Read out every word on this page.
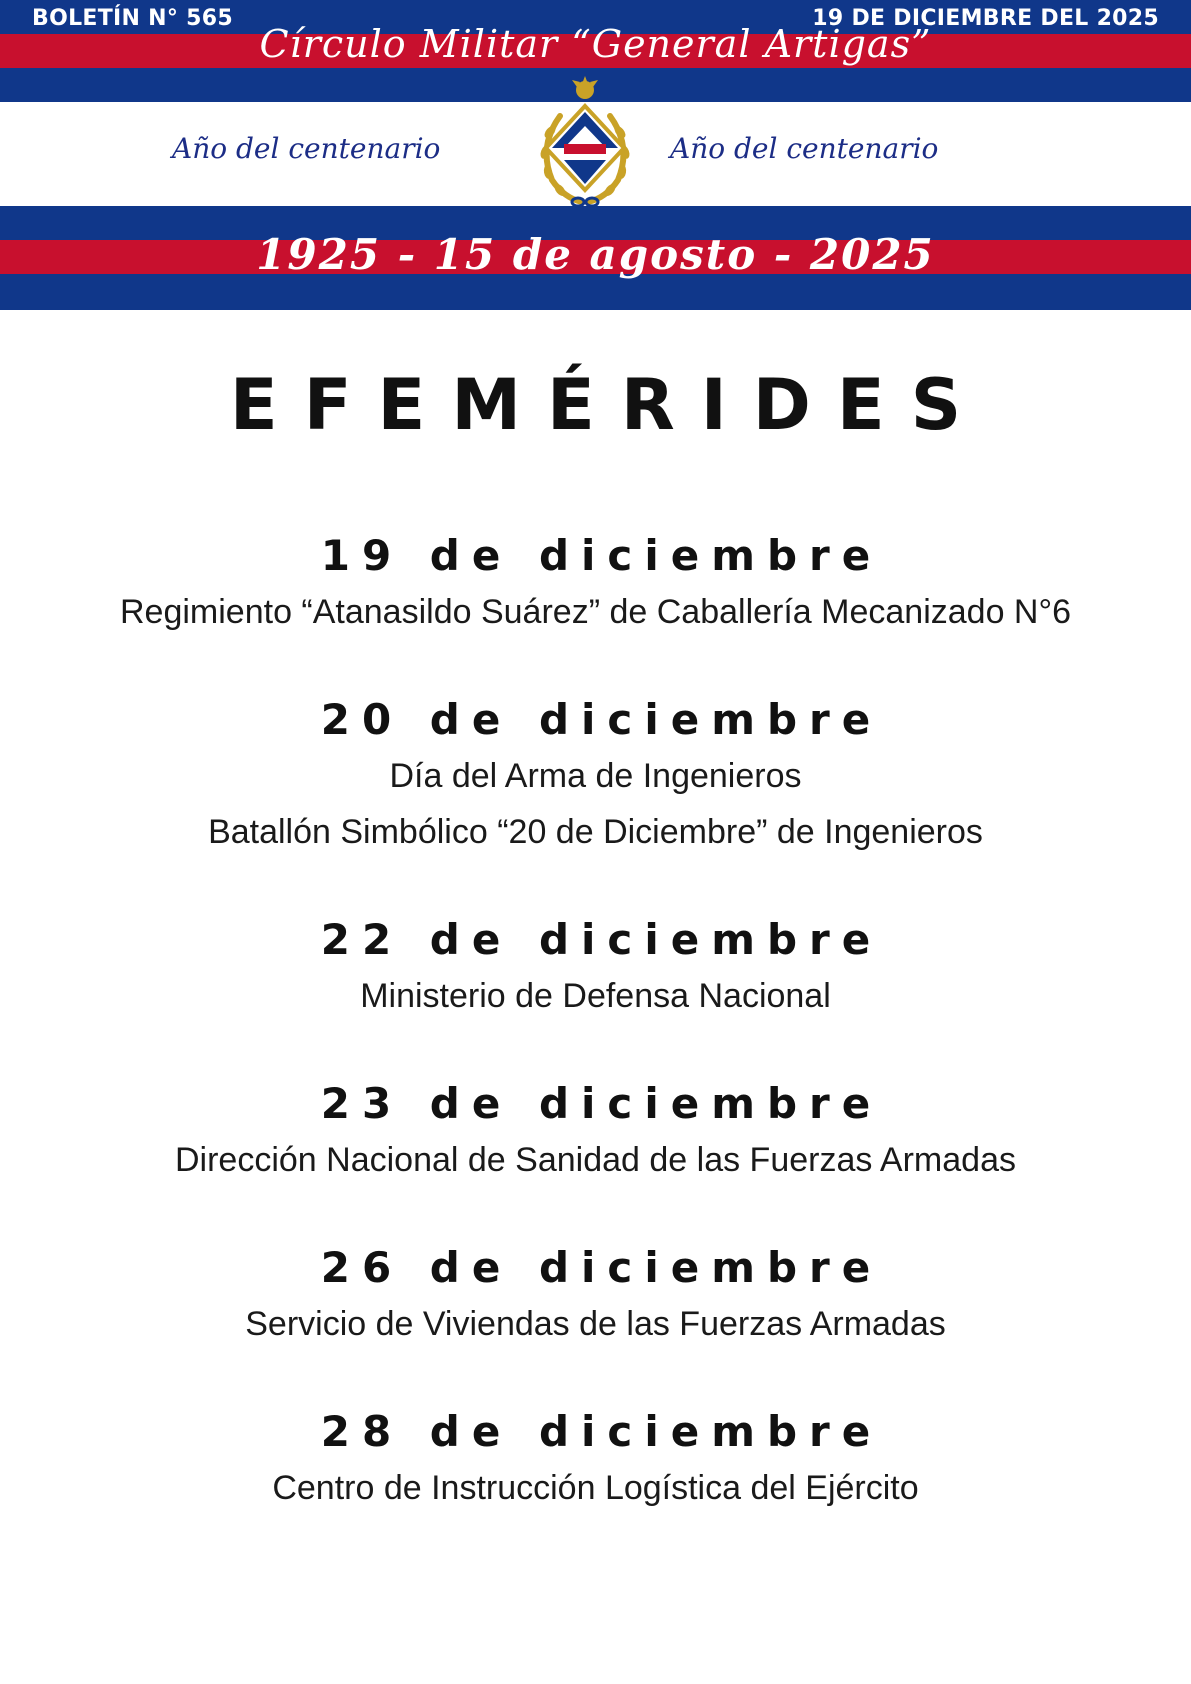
BOLETÍN N° 565	19 DE DICIEMBRE DEL 2025
Círculo Militar “General Artigas”
Año del centenario	Año del centenario
1925 - 15 de agosto - 2025
EFEMÉRIDES
19 de diciembre
Regimiento “Atanasildo Suárez” de Caballería Mecanizado N°6
20 de diciembre
Día del Arma de Ingenieros
Batallón Simbólico “20 de Diciembre” de Ingenieros
22 de diciembre
Ministerio de Defensa Nacional
23 de diciembre
Dirección Nacional de Sanidad de las Fuerzas Armadas
26 de diciembre
Servicio de Viviendas de las Fuerzas Armadas
28 de diciembre
Centro de Instrucción Logística del Ejército
